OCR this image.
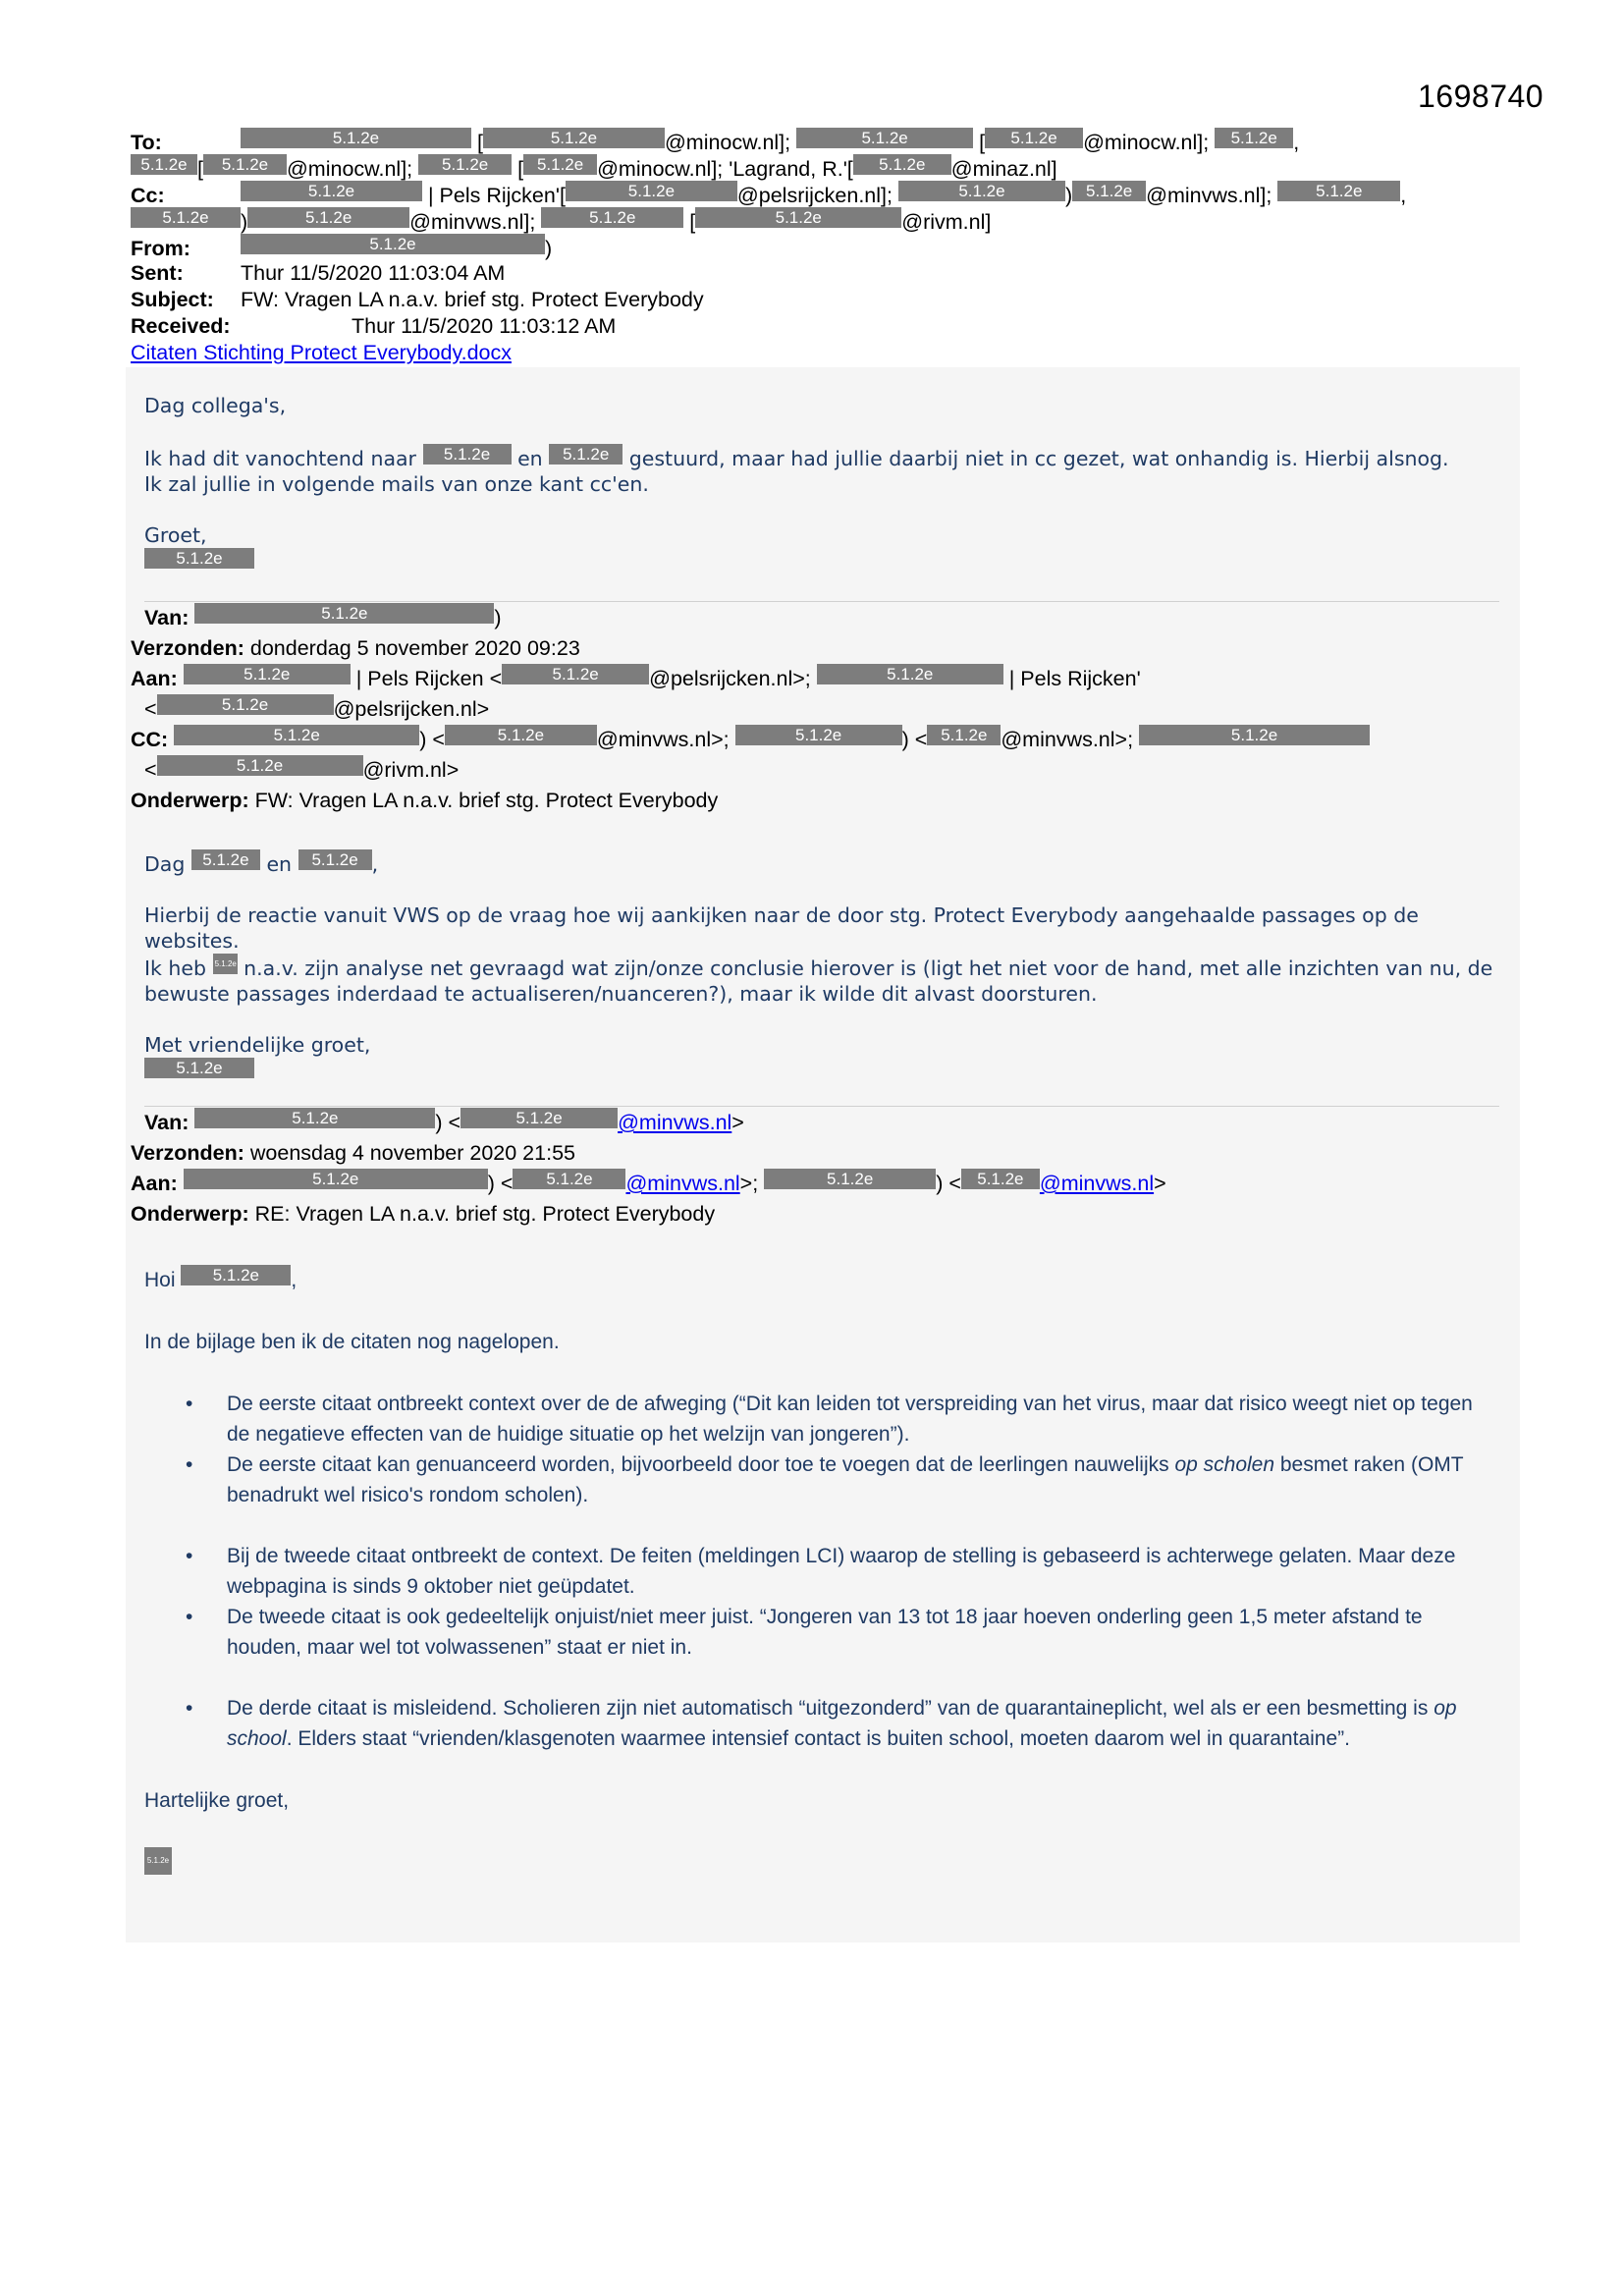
1698740
To:	5.1.2e	[	5.1.2e	@minocw.nl];	5.1.2e	[ 5.1.2e @minocw.nl]; 5.1.2e ,
5.1.2e [ 5.1.2e @minocw.nl]; 5.1.2e [ 5.1.2e @minocw.nl]; 'Lagrand, R.'[ 5.1.2e @minaz.nl]
Cc:	5.1.2e	| Pels Rijcken'[	5.1.2e	@pelsrijcken.nl];	5.1.2e	) 5.1.2e @minvws.nl];	5.1.2e ,
5.1.2e )	5.1.2e	@minvws.nl];	5.1.2e [	5.1.2e	@rivm.nl]
From:	5.1.2e	)
Sent:	Thur 11/5/2020 11:03:04 AM
Subject: FW: Vragen LA n.a.v. brief stg. Protect Everybody
Received:	Thur 11/5/2020 11:03:12 AM
Citaten Stichting Protect Everybody.docx

Dag collega's,

Ik had dit vanochtend naar 5.1.2e en 5.1.2e gestuurd, maar had jullie daarbij niet in cc gezet, wat onhandig is. Hierbij alsnog.

Ik zal jullie in volgende mails van onze kant cc'en.

Groet,

5.1.2e

Van:	5.1.2e	)
Verzonden: donderdag 5 november 2020 09:23
Aan:	5.1.2e	| Pels Rijcken <	5.1.2e @pelsrijcken.nl>;	5.1.2e	| Pels Rijcken'
<	5.1.2e	@pelsrijcken.nl>
CC:	5.1.2e	) <	5.1.2e	@minvws.nl>;	5.1.2e	) < 5.1.2e @minvws.nl>;	5.1.2e
<	5.1.2e	@rivm.nl>
Onderwerp: FW: Vragen LA n.a.v. brief stg. Protect Everybody

Dag 5.1.2e en 5.1.2e ,

Hierbij de reactie vanuit VWS op de vraag hoe wij aankijken naar de door stg. Protect Everybody aangehaalde passages op de websites.

Ik heb 5.1.2e n.a.v. zijn analyse net gevraagd wat zijn/onze conclusie hierover is (ligt het niet voor de hand, met alle inzichten van nu, de bewuste passages inderdaad te actualiseren/nuanceren?), maar ik wilde dit alvast doorsturen.

Met vriendelijke groet,

5.1.2e

Van:	5.1.2e	) <	5.1.2e	@minvws.nl>
Verzonden: woensdag 4 november 2020 21:55
Aan:	5.1.2e	) < 5.1.2e @minvws.nl>;	5.1.2e	) < 5.1.2e @minvws.nl>
Onderwerp: RE: Vragen LA n.a.v. brief stg. Protect Everybody

Hoi 5.1.2e ,

In de bijlage ben ik de citaten nog nagelopen.

• De eerste citaat ontbreekt context over de de afweging (“Dit kan leiden tot verspreiding van het virus, maar dat risico weegt niet op tegen de negatieve effecten van de huidige situatie op het welzijn van jongeren”).
• De eerste citaat kan genuanceerd worden, bijvoorbeeld door toe te voegen dat de leerlingen nauwelijks op scholen besmet raken (OMT benadrukt wel risico's rondom scholen).
• Bij de tweede citaat ontbreekt de context. De feiten (meldingen LCI) waarop de stelling is gebaseerd is achterwege gelaten. Maar deze webpagina is sinds 9 oktober niet geüpdatet.
• De tweede citaat is ook gedeeltelijk onjuist/niet meer juist. “Jongeren van 13 tot 18 jaar hoeven onderling geen 1,5 meter afstand te houden, maar wel tot volwassenen” staat er niet in.
• De derde citaat is misleidend. Scholieren zijn niet automatisch “uitgezonderd” van de quarantaineplicht, wel als er een besmetting is op school. Elders staat “vrienden/klasgenoten waarmee intensief contact is buiten school, moeten daarom wel in quarantaine”.

Hartelijke groet,

5.1.2e
